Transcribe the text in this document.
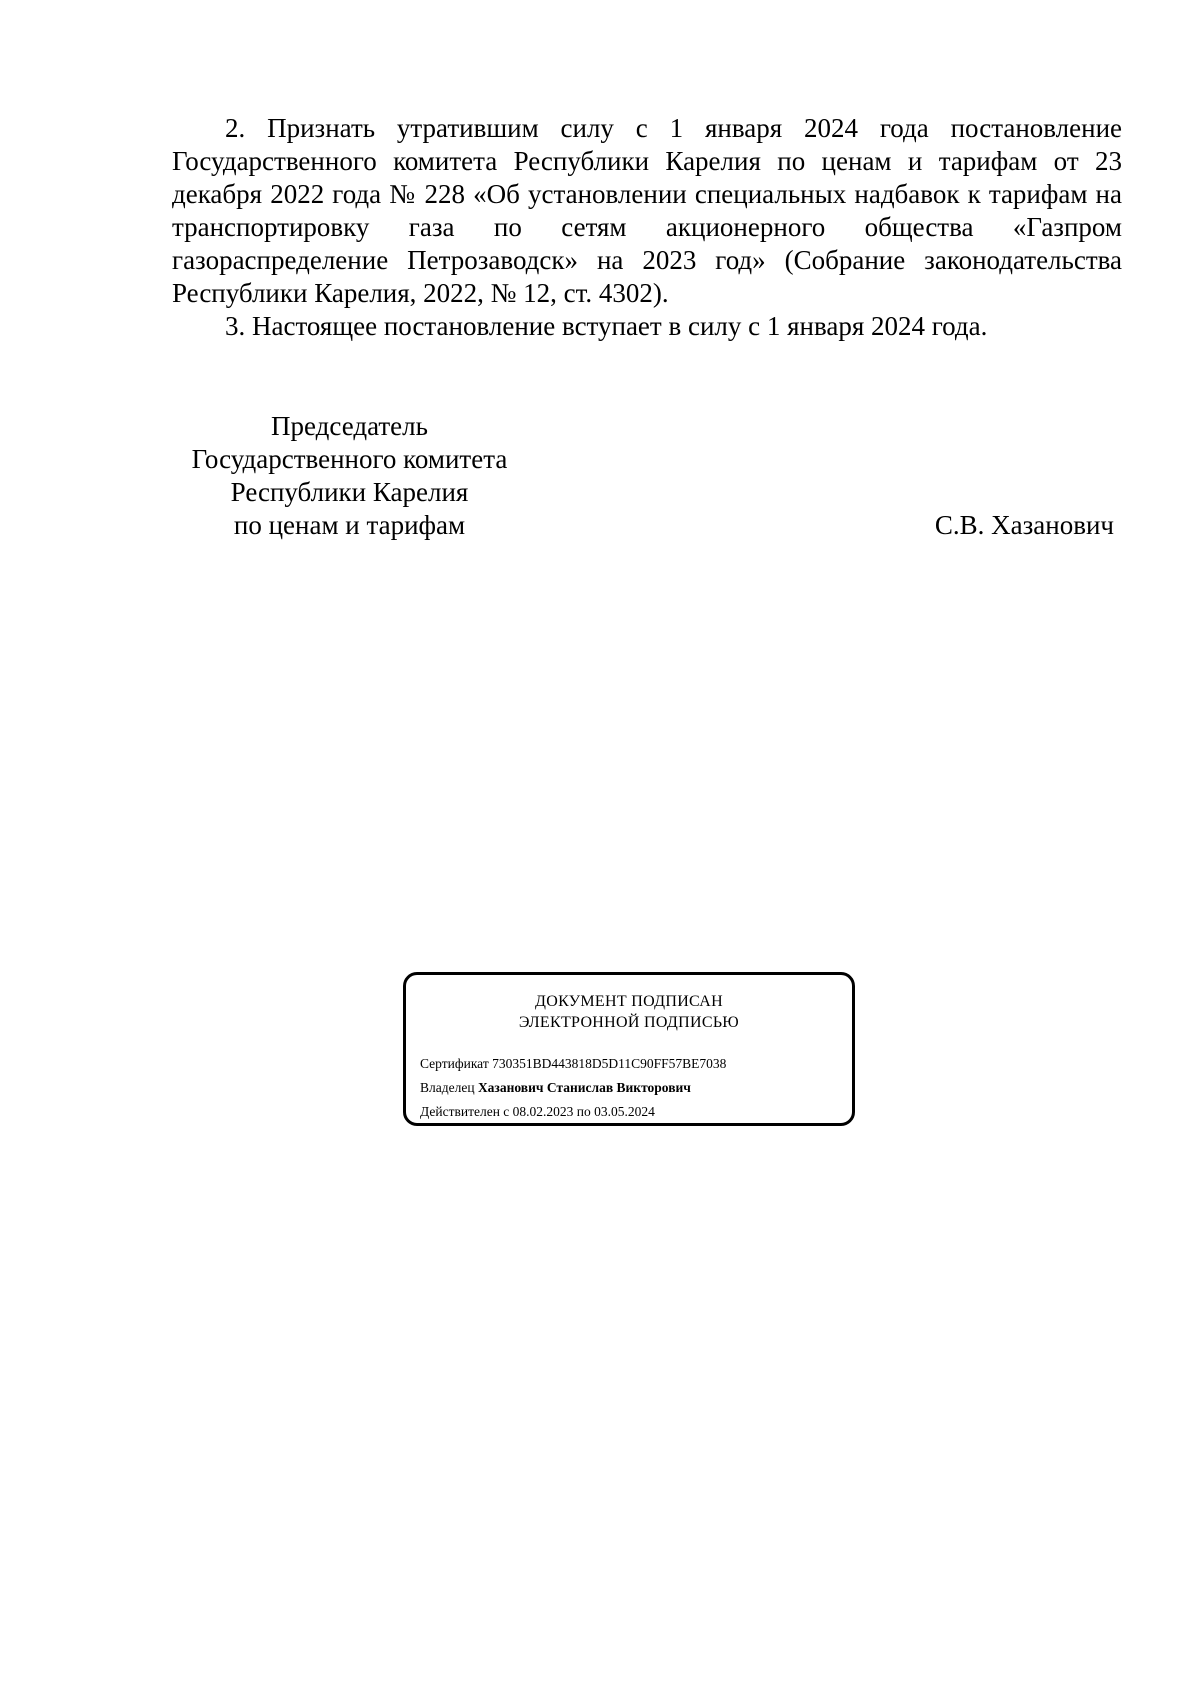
2. Признать утратившим силу с 1 января 2024 года постановление Государственного комитета Республики Карелия по ценам и тарифам от 23 декабря 2022 года № 228 «Об установлении специальных надбавок к тарифам на транспортировку газа по сетям акционерного общества «Газпром газораспределение Петрозаводск» на 2023 год» (Собрание законодательства Республики Карелия, 2022, № 12, ст. 4302).

3. Настоящее постановление вступает в силу с 1 января 2024 года.

Председатель
Государственного комитета
Республики Карелия
по ценам и тарифам	С.В. Хазанович
ДОКУМЕНТ ПОДПИСАН
ЭЛЕКТРОННОЙ ПОДПИСЬЮ
Сертификат 730351BD443818D5D11C90FF57BE7038
Владелец Хазанович Станислав Викторович
Действителен с 08.02.2023 по 03.05.2024
